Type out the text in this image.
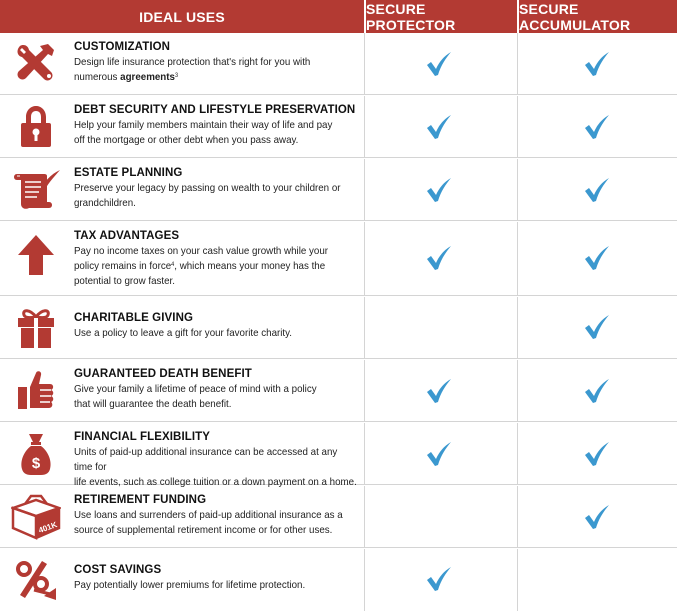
IDEAL USES	SECURE PROTECTOR
SECURE ACCUMULATOR
CUSTOMIZATION
Design life insurance protection that's right for you with
numerous agreements$^3$
DEBT SECURITY AND LIFESTYLE PRESERVATION
Help your family members maintain their way of life and pay
off the mortgage or other debt when you pass away.
ESTATE PLANNING
Preserve your legacy by passing on wealth to your children or
grandchildren.
TAX ADVANTAGES
Pay no income taxes on your cash value growth while your
policy remains in force$^4$, which means your money has the
potential to grow faster.
CHARITABLE GIVING
Use a policy to leave a gift for your favorite charity.
GUARANTEED DEATH BENEFIT
Give your family a lifetime of peace of mind with a policy
that will guarantee the death benefit.
$
FINANCIAL FLEXIBILITY
Units of paid-up additional insurance can be accessed at any time for
life events, such as college tuition or a down payment on a home.
401K
RETIREMENT FUNDING
Use loans and surrenders of paid-up additional insurance as a
source of supplemental retirement income or for other uses.
COST SAVINGS
Pay potentially lower premiums for lifetime protection.
